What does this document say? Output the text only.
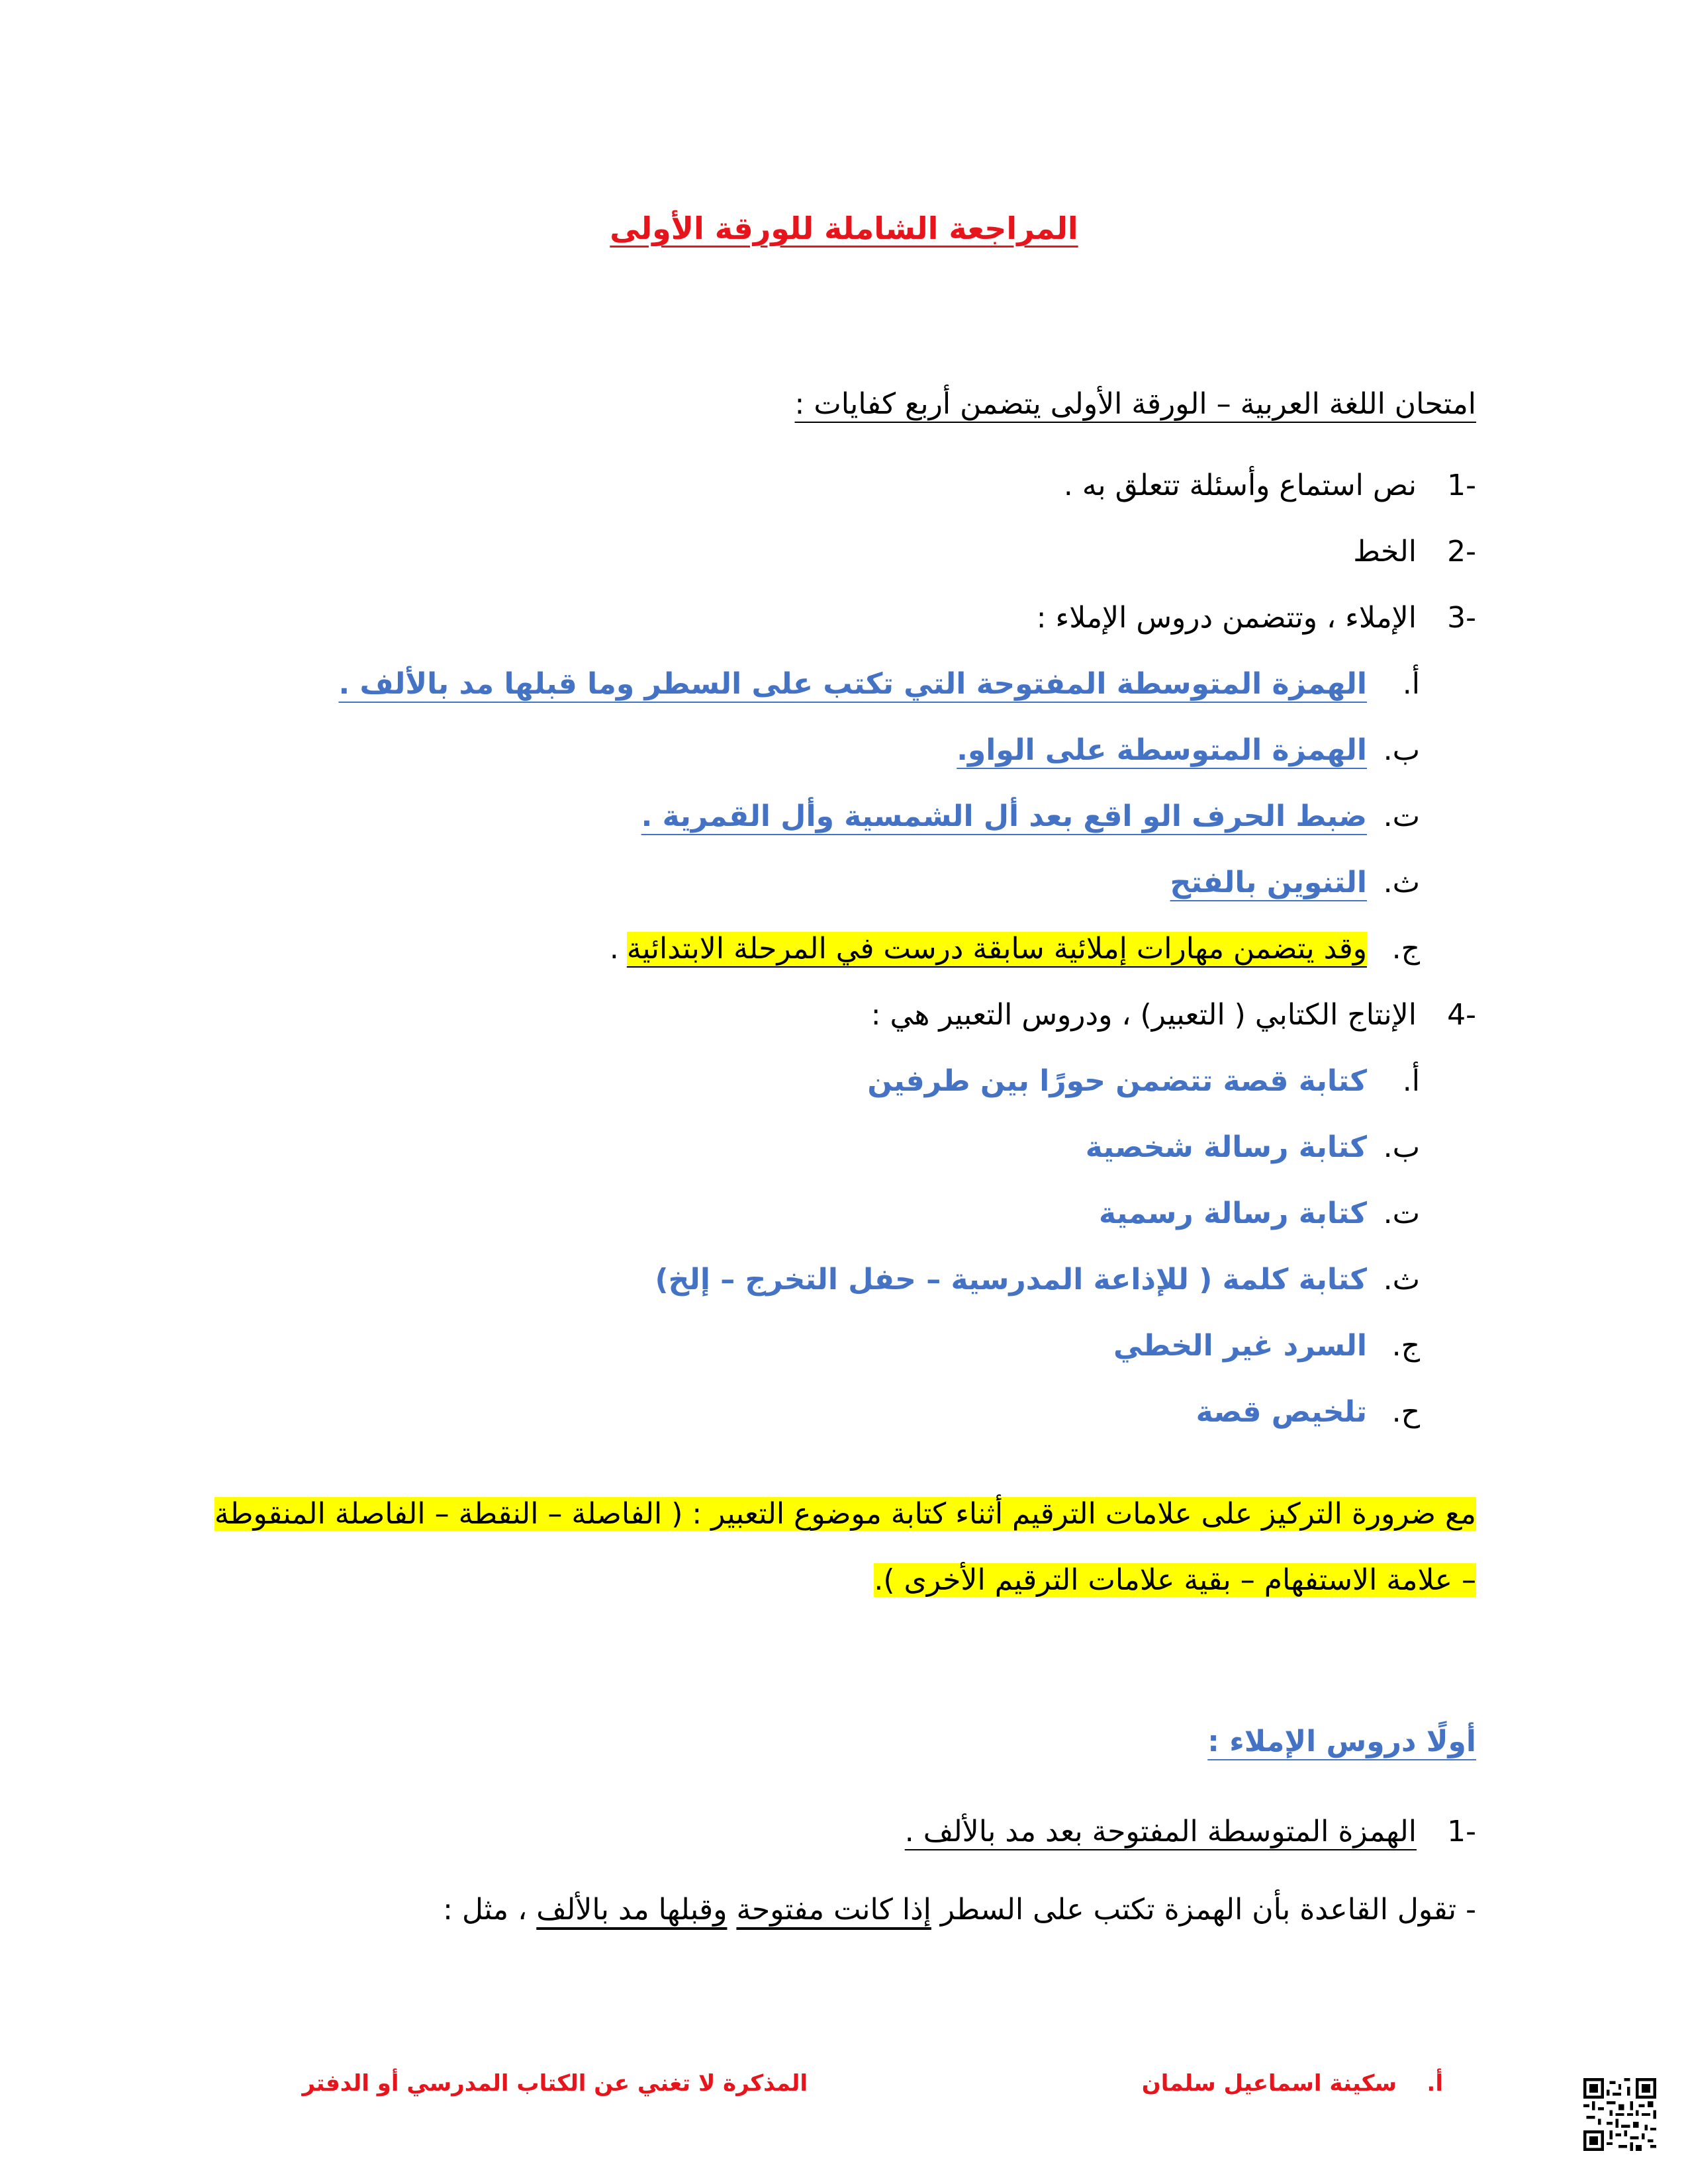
المراجعة الشاملة للورقة الأولى
امتحان اللغة العربية – الورقة الأولى يتضمن أربع كفايات :
1-
نص استماع وأسئلة تتعلق به .
2-
الخط
3-
الإملاء ، وتتضمن دروس الإملاء :
أ.
الهمزة المتوسطة المفتوحة التي تكتب على السطر وما قبلها مد بالألف .
ب.
الهمزة المتوسطة على الواو.
ت.
ضبط الحرف الو اقع بعد أل الشمسية وأل القمرية .
ث.
التنوين بالفتح
ج.
وقد يتضمن مهارات إملائية سابقة درست في المرحلة الابتدائية
.
4-
الإنتاج الكتابي ( التعبير) ، ودروس التعبير هي :
أ.
كتابة قصة تتضمن حورًا بين طرفين
ب.
كتابة رسالة شخصية
ت.
كتابة رسالة رسمية
ث.
كتابة كلمة ( للإذاعة المدرسية – حفل التخرج – إلخ)
ج.
السرد غير الخطي
ح.
تلخيص قصة
مع ضرورة التركيز على علامات الترقيم أثناء كتابة موضوع التعبير : ( الفاصلة – النقطة – الفاصلة المنقوطة
– علامة الاستفهام – بقية علامات الترقيم الأخرى ).
أولًا دروس الإملاء :
1-
الهمزة المتوسطة المفتوحة بعد مد بالألف .
- تقول القاعدة بأن الهمزة تكتب على السطر إذا كانت مفتوحة وقبلها مد بالألف ، مثل :
أ.سكينة اسماعيل سلمان
المذكرة لا تغني عن الكتاب المدرسي أو الدفتر
